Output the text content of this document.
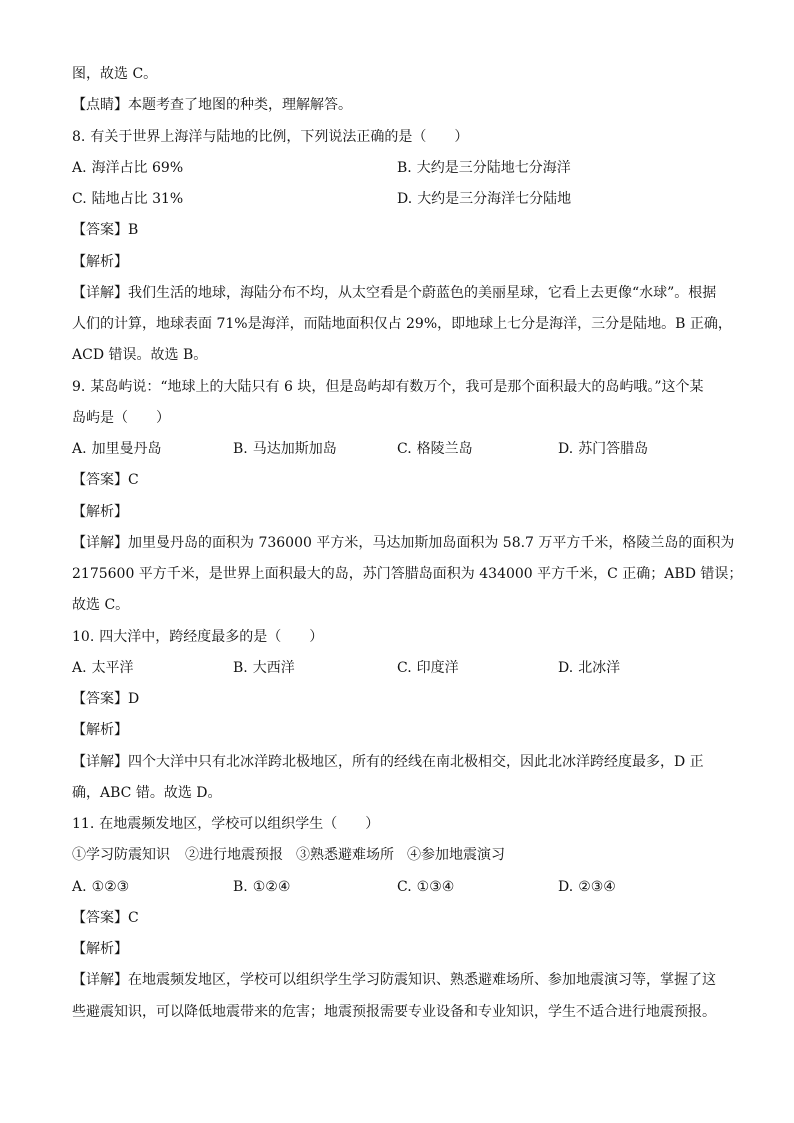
图，故选 C。
【点睛】本题考查了地图的种类，理解解答。
8. 有关于世界上海洋与陆地的比例，下列说法正确的是（　　）
A. 海洋占比 69%	B. 大约是三分陆地七分海洋
C. 陆地占比 31%	D. 大约是三分海洋七分陆地
【答案】B
【解析】
【详解】我们生活的地球，海陆分布不均，从太空看是个蔚蓝色的美丽星球，它看上去更像“水球”。根据
人们的计算，地球表面 71%是海洋，而陆地面积仅占 29%，即地球上七分是海洋，三分是陆地。B 正确，
ACD 错误。故选 B。
9. 某岛屿说：“地球上的大陆只有 6 块，但是岛屿却有数万个，我可是那个面积最大的岛屿哦。”这个某
岛屿是（　　）
A. 加里曼丹岛	B. 马达加斯加岛	C. 格陵兰岛	D. 苏门答腊岛
【答案】C
【解析】
【详解】加里曼丹岛的面积为 736000 平方米，马达加斯加岛面积为 58.7 万平方千米，格陵兰岛的面积为
2175600 平方千米，是世界上面积最大的岛，苏门答腊岛面积为 434000 平方千米，C 正确；ABD 错误；
故选 C。
10. 四大洋中，跨经度最多的是（　　）
A. 太平洋	B. 大西洋	C. 印度洋	D. 北冰洋
【答案】D
【解析】
【详解】四个大洋中只有北冰洋跨北极地区，所有的经线在南北极相交，因此北冰洋跨经度最多，D 正
确，ABC 错。故选 D。
11. 在地震频发地区，学校可以组织学生（　　）
①学习防震知识 ②进行地震预报 ③熟悉避难场所 ④参加地震演习
A. ①②③	B. ①②④	C. ①③④	D. ②③④
【答案】C
【解析】
【详解】在地震频发地区，学校可以组织学生学习防震知识、熟悉避难场所、参加地震演习等，掌握了这
些避震知识，可以降低地震带来的危害；地震预报需要专业设备和专业知识，学生不适合进行地震预报。
